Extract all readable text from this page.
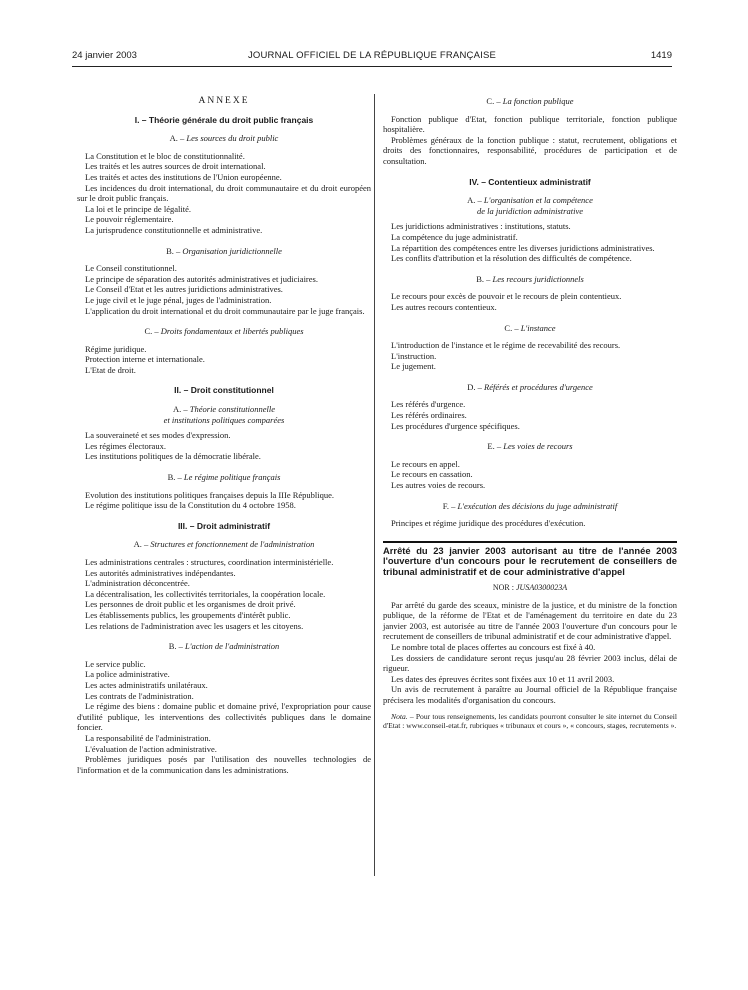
24 janvier 2003	JOURNAL OFFICIEL DE LA RÉPUBLIQUE FRANÇAISE	1419
ANNEXE
I. – Théorie générale du droit public français
A. – Les sources du droit public

La Constitution et le bloc de constitutionnalité.

Les traités et les autres sources de droit international.

Les traités et actes des institutions de l'Union européenne.

Les incidences du droit international, du droit communautaire et du droit européen sur le droit public français.

La loi et le principe de légalité.

Le pouvoir réglementaire.

La jurisprudence constitutionnelle et administrative.

B. – Organisation juridictionnelle

Le Conseil constitutionnel.

Le principe de séparation des autorités administratives et judiciaires.

Le Conseil d'Etat et les autres juridictions administratives.

Le juge civil et le juge pénal, juges de l'administration.

L'application du droit international et du droit communautaire par le juge français.

C. – Droits fondamentaux et libertés publiques

Régime juridique.

Protection interne et internationale.

L'Etat de droit.

II. – Droit constitutionnel
A. – Théorie constitutionnelle
et institutions politiques comparées

La souveraineté et ses modes d'expression.

Les régimes électoraux.

Les institutions politiques de la démocratie libérale.

B. – Le régime politique français

Evolution des institutions politiques françaises depuis la IIIe République.

Le régime politique issu de la Constitution du 4 octobre 1958.

III. – Droit administratif
A. – Structures et fonctionnement de l'administration

Les administrations centrales : structures, coordination interministérielle.

Les autorités administratives indépendantes.

L'administration déconcentrée.

La décentralisation, les collectivités territoriales, la coopération locale.

Les personnes de droit public et les organismes de droit privé.

Les établissements publics, les groupements d'intérêt public.

Les relations de l'administration avec les usagers et les citoyens.

B. – L'action de l'administration

Le service public.

La police administrative.

Les actes administratifs unilatéraux.

Les contrats de l'administration.

Le régime des biens : domaine public et domaine privé, l'expropriation pour cause d'utilité publique, les interventions des collectivités publiques dans le domaine foncier.

La responsabilité de l'administration.

L'évaluation de l'action administrative.

Problèmes juridiques posés par l'utilisation des nouvelles technologies de l'information et de la communication dans les administrations.

C. – La fonction publique

Fonction publique d'Etat, fonction publique territoriale, fonction publique hospitalière.

Problèmes généraux de la fonction publique : statut, recrutement, obligations et droits des fonctionnaires, responsabilité, procédures de participation et de consultation.

IV. – Contentieux administratif
A. – L'organisation et la compétence
de la juridiction administrative

Les juridictions administratives : institutions, statuts.

La compétence du juge administratif.

La répartition des compétences entre les diverses juridictions administratives.

Les conflits d'attribution et la résolution des difficultés de compétence.

B. – Les recours juridictionnels

Le recours pour excès de pouvoir et le recours de plein contentieux.

Les autres recours contentieux.

C. – L'instance

L'introduction de l'instance et le régime de recevabilité des recours.

L'instruction.

Le jugement.

D. – Référés et procédures d'urgence

Les référés d'urgence.

Les référés ordinaires.

Les procédures d'urgence spécifiques.

E. – Les voies de recours

Le recours en appel.

Le recours en cassation.

Les autres voies de recours.

F. – L'exécution des décisions du juge administratif

Principes et régime juridique des procédures d'exécution.

Arrêté du 23 janvier 2003 autorisant au titre de l'année 2003 l'ouverture d'un concours pour le recrutement de conseillers de tribunal administratif et de cour administrative d'appel
NOR : JUSA0300023A

Par arrêté du garde des sceaux, ministre de la justice, et du ministre de la fonction publique, de la réforme de l'Etat et de l'aménagement du territoire en date du 23 janvier 2003, est autorisée au titre de l'année 2003 l'ouverture d'un concours pour le recrutement de conseillers de tribunal administratif et de cour administrative d'appel.

Le nombre total de places offertes au concours est fixé à 40.

Les dossiers de candidature seront reçus jusqu'au 28 février 2003 inclus, délai de rigueur.

Les dates des épreuves écrites sont fixées aux 10 et 11 avril 2003.

Un avis de recrutement à paraître au Journal officiel de la République française précisera les modalités d'organisation du concours.

Nota. – Pour tous renseignements, les candidats pourront consulter le site internet du Conseil d'Etat : www.conseil-etat.fr, rubriques « tribunaux et cours », « concours, stages, recrutements ».
